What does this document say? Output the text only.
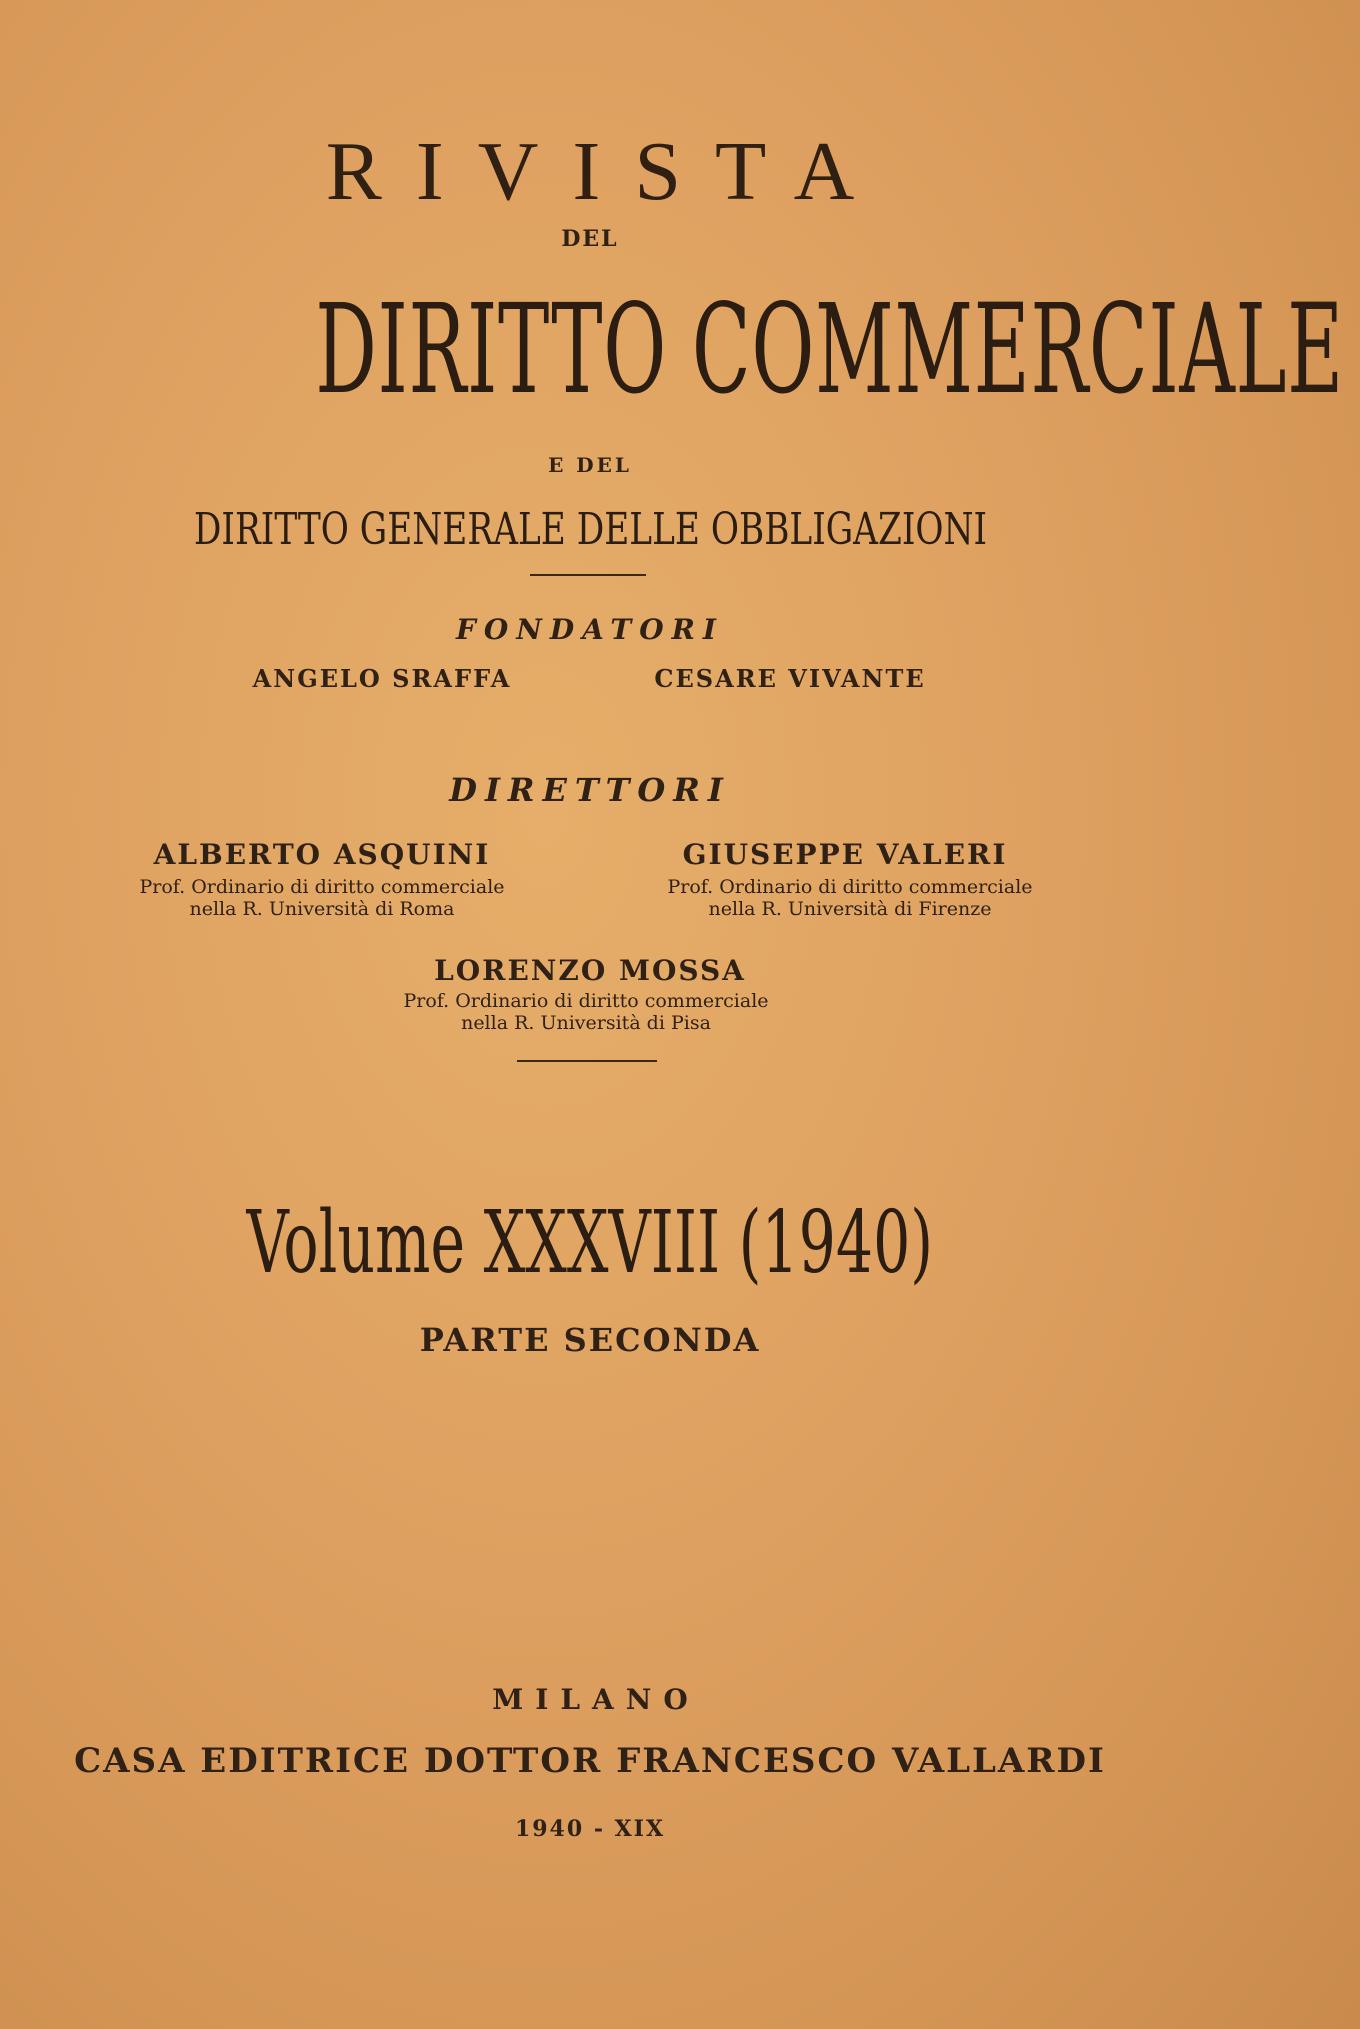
RIVISTA
DEL
DIRITTO COMMERCIALE
E DEL
DIRITTO GENERALE DELLE OBBLIGAZIONI
FONDATORI
ANGELO SRAFFA	CESARE VIVANTE
DIRETTORI
ALBERTO ASQUINI
Prof. Ordinario di diritto commerciale
nella R. Università di Roma
GIUSEPPE VALERI
Prof. Ordinario di diritto commerciale
nella R. Università di Firenze
LORENZO MOSSA
Prof. Ordinario di diritto commerciale
nella R. Università di Pisa
Volume XXXVIII (1940)
PARTE SECONDA
MILANO
CASA EDITRICE DOTTOR FRANCESCO VALLARDI
1940 - XIX
